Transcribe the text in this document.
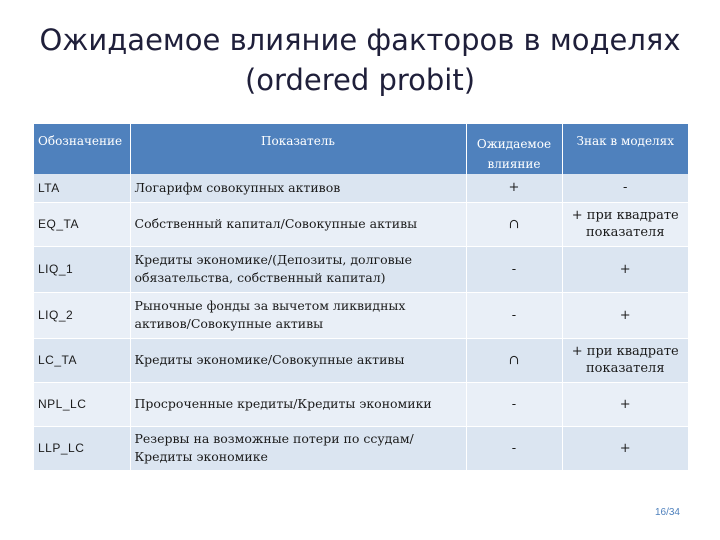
Ожидаемое влияние факторов в моделях
(ordered probit)
Обозначение	Показатель	Ожидаемое влияние	Знак в моделях
LTA	Логарифм совокупных активов	+	-
EQ_TA	Собственный капитал/Совокупные активы	∩	+ при квадрате показателя
LIQ_1	Кредиты экономике/(Депозиты, долговые обязательства, собственный капитал)	-	+
LIQ_2	Рыночные фонды за вычетом ликвидных активов/Совокупные активы	-	+
LC_TA	Кредиты экономике/Совокупные активы	∩	+ при квадрате показателя
NPL_LC	Просроченные кредиты/Кредиты экономики	-	+
LLP_LC	Резервы на возможные потери по ссудам/Кредиты экономике	-	+
16/34
